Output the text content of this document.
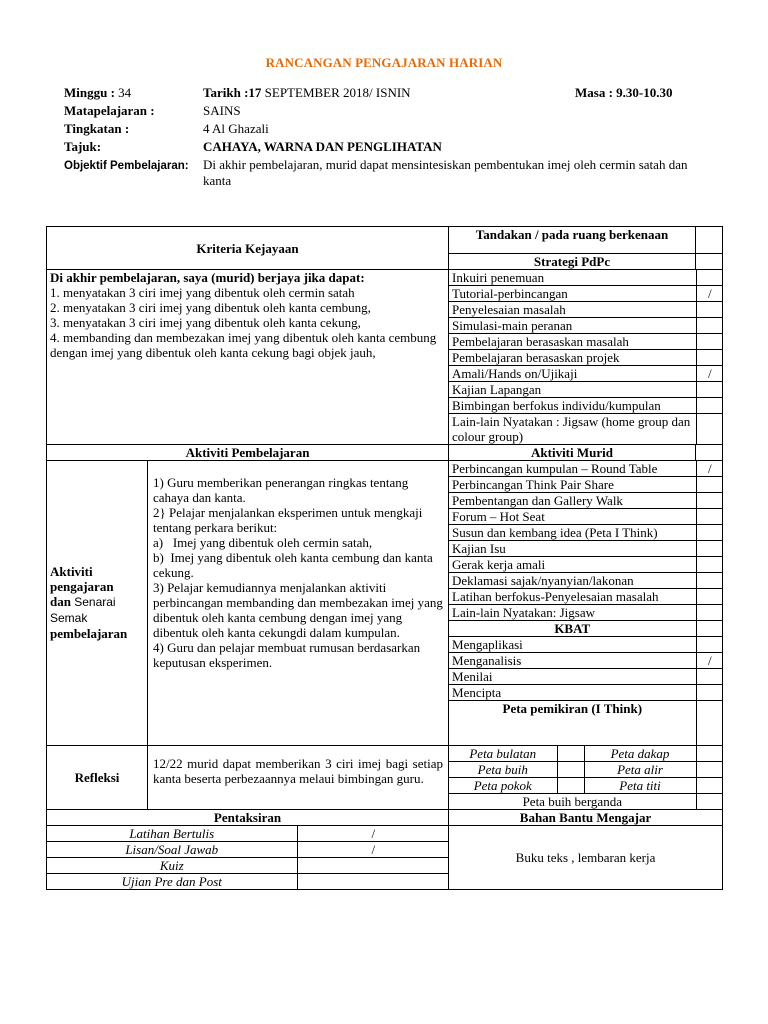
RANCANGAN PENGAJARAN HARIAN
Minggu : 34	Tarikh :17 SEPTEMBER 2018/ ISNIN	Masa : 9.30-10.30
Matapelajaran :	SAINS
Tingkatan :	4 Al Ghazali
Tajuk:	CAHAYA, WARNA DAN PENGLIHATAN
Objektif Pembelajaran: Di akhir pembelajaran, murid dapat mensintesiskan pembentukan imej oleh cermin satah dan kanta
Kriteria Kejayaan	Tandakan / pada ruang berkenaan	
Strategi PdPc	

Di akhir pembelajaran, saya (murid) berjaya jika dapat:
1. menyatakan 3 ciri imej yang dibentuk oleh cermin satah
2. menyatakan 3 ciri imej yang dibentuk oleh kanta cembung,
3. menyatakan 3 ciri imej yang dibentuk oleh kanta cekung,
4. membanding dan membezakan imej yang dibentuk oleh kanta cembung dengan imej yang dibentuk oleh kanta cekung bagi objek jauh,

Inkuiri penemuan	
Tutorial-perbincangan	/
Penyelesaian masalah	
Simulasi-main peranan	
Pembelajaran berasaskan masalah	
Pembelajaran berasaskan projek	
Amali/Hands on/Ujikaji	/
Kajian Lapangan	
Bimbingan berfokus individu/kumpulan	
Lain-lain Nyatakan : Jigsaw (home group dan colour group)	

Aktiviti Pembelajaran	Aktiviti Murid	

Aktiviti pengajaran
dan Senarai Semak
pembelajaran

1) Guru memberikan penerangan ringkas tentang cahaya dan kanta.
2} Pelajar menjalankan eksperimen untuk mengkaji tentang perkara berikut:
a)   Imej yang dibentuk oleh cermin satah,
b)  Imej yang dibentuk oleh kanta cembung dan kanta cekung.
3) Pelajar kemudiannya menjalankan aktiviti perbincangan membanding dan membezakan imej yang dibentuk oleh kanta cembung dengan imej yang dibentuk oleh kanta cekungdi dalam kumpulan.
4) Guru dan pelajar membuat rumusan berdasarkan keputusan eksperimen.

Perbincangan kumpulan – Round Table	/
Perbincangan Think Pair Share	
Pembentangan dan Gallery Walk	
Forum – Hot Seat	
Susun dan kembang idea (Peta I Think)	
Kajian Isu	
Gerak kerja amali	
Deklamasi sajak/nyanyian/lakonan	
Latihan berfokus-Penyelesaian masalah	
Lain-lain Nyatakan: Jigsaw	
KBAT	
Mengaplikasi	
Menganalisis	/
Menilai	
Mencipta	
Peta pemikiran (I Think)	

Refleksi	12/22 murid dapat memberikan 3 ciri imej bagi setiap kanta beserta perbezaannya melaui bimbingan guru.	
Peta bulatan		Peta dakap	
Peta buih		Peta alir	
Peta pokok		Peta titi	
Peta buih berganda	

Pentaksiran	Bahan Bantu Mengajar

Latihan Bertulis	/
Lisan/Soal Jawab	/
Kuiz	
Ujian Pre dan Post	
	Buku teks , lembaran kerja
